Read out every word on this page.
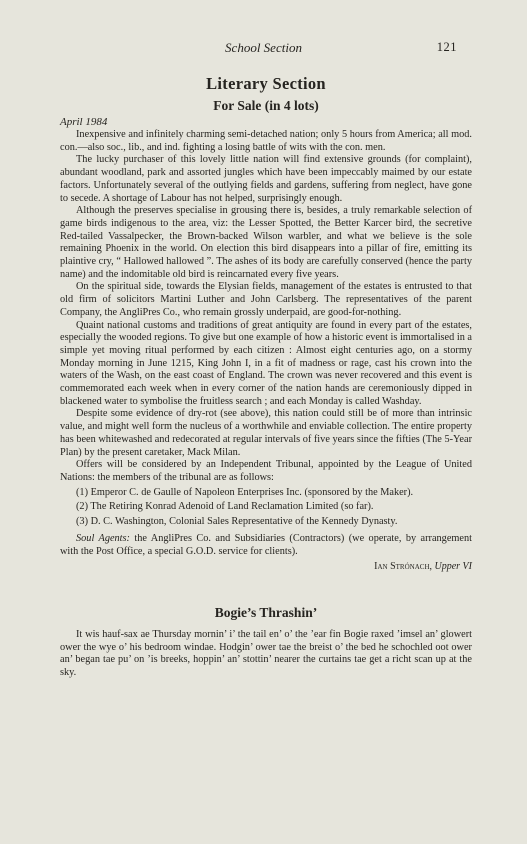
School Section	121
Literary Section
For Sale (in 4 lots)
April 1984

Inexpensive and infinitely charming semi-detached nation; only 5 hours from America; all mod. con.—also soc., lib., and ind. fighting a losing battle of wits with the con. men.

The lucky purchaser of this lovely little nation will find extensive grounds (for complaint), abundant woodland, park and assorted jungles which have been impeccably maimed by our estate factors. Unfortunately several of the outlying fields and gardens, suffering from neglect, have gone to secede. A shortage of Labour has not helped, surprisingly enough.

Although the preserves specialise in grousing there is, besides, a truly remarkable selection of game birds indigenous to the area, viz: the Lesser Spotted, the Better Karcer bird, the secretive Red-tailed Vassalpecker, the Brown-backed Wilson warbler, and what we believe is the sole remaining Phoenix in the world. On election this bird disappears into a pillar of fire, emitting its plaintive cry, “ Hallowed hallowed ”. The ashes of its body are carefully conserved (hence the party name) and the indomitable old bird is reincarnated every five years.

On the spiritual side, towards the Elysian fields, management of the estates is entrusted to that old firm of solicitors Martini Luther and John Carlsberg. The representatives of the parent Company, the AngliPres Co., who remain grossly underpaid, are good-for-nothing.

Quaint national customs and traditions of great antiquity are found in every part of the estates, especially the wooded regions. To give but one example of how a historic event is immortalised in a simple yet moving ritual performed by each citizen : Almost eight centuries ago, on a stormy Monday morning in June 1215, King John I, in a fit of madness or rage, cast his crown into the waters of the Wash, on the east coast of England. The crown was never recovered and this event is commemorated each week when in every corner of the nation hands are ceremoniously dipped in blackened water to symbolise the fruitless search ; and each Monday is called Washday.

Despite some evidence of dry-rot (see above), this nation could still be of more than intrinsic value, and might well form the nucleus of a worthwhile and enviable collection. The entire property has been whitewashed and redecorated at regular intervals of five years since the fifties (The 5-Year Plan) by the present caretaker, Mack Milan.

Offers will be considered by an Independent Tribunal, appointed by the League of United Nations: the members of the tribunal are as follows:

(1) Emperor C. de Gaulle of Napoleon Enterprises Inc. (sponsored by the Maker).

(2) The Retiring Konrad Adenoid of Land Reclamation Limited (so far).

(3) D. C. Washington, Colonial Sales Representative of the Kennedy Dynasty.

Soul Agents: the AngliPres Co. and Subsidiaries (Contractors) (we operate, by arrangement with the Post Office, a special G.O.D. service for clients).

Ian Strónach, Upper VI

Bogie’s Thrashin’

It wis hauf-sax ae Thursday mornin’ i’ the tail en’ o’ the ’ear fin Bogie raxed ’imsel an’ glowert ower the wye o’ his bedroom windae. Hodgin’ ower tae the breist o’ the bed he schochled oot ower an’ began tae pu’ on ’is breeks, hoppin’ an’ stottin’ nearer the curtains tae get a richt scan up at the sky.
